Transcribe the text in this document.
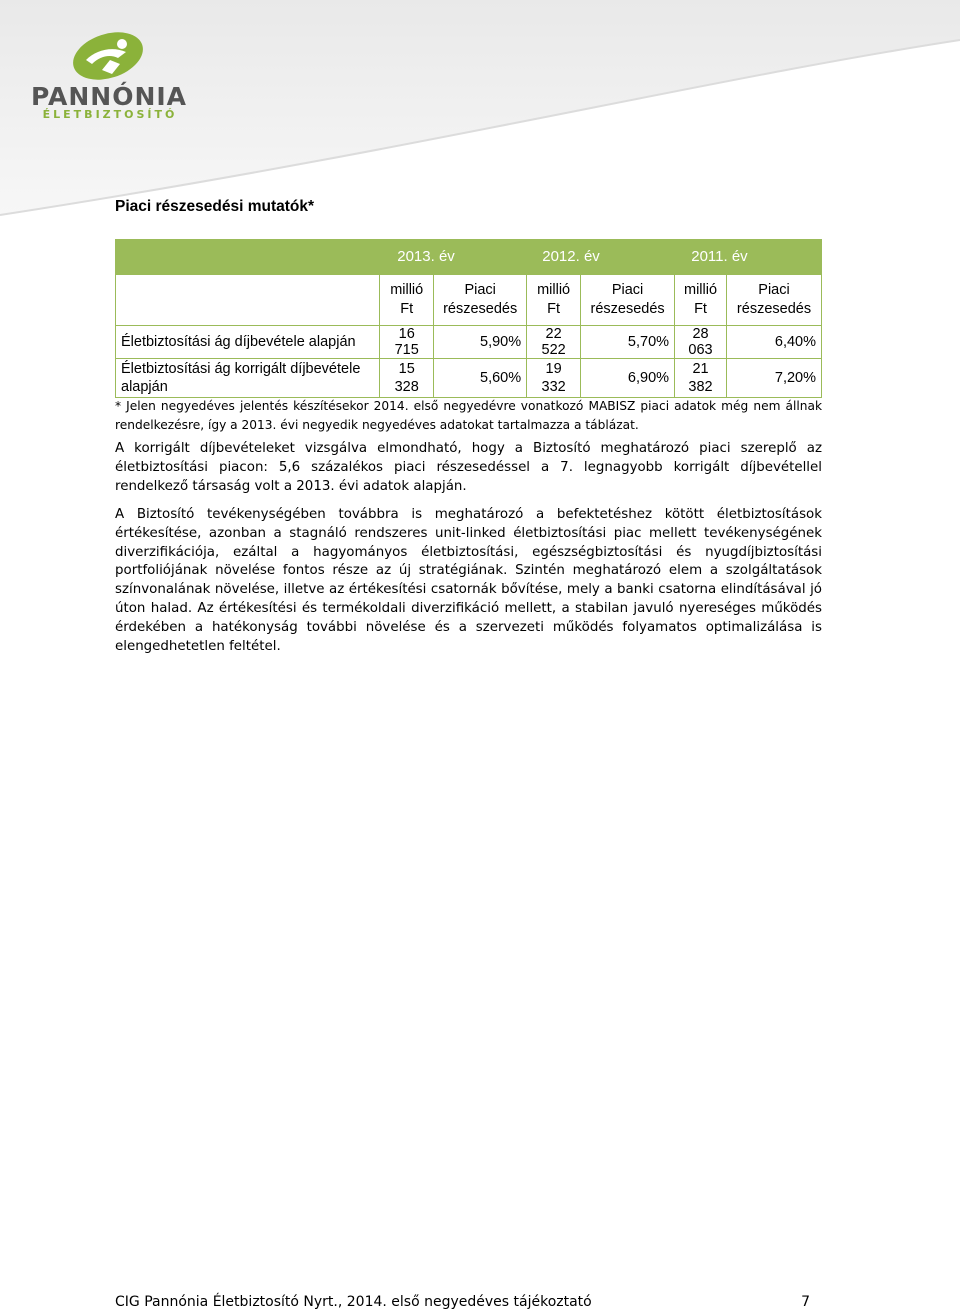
PANNÓNIA
ÉLETBIZTOSÍTÓ
Piaci részesedési mutatók*

	2013. év 2012. év 2011. év					

	millió Ft	Piaci részesedés	millió Ft	Piaci részesedés	millió Ft	Piaci részesedés
Életbiztosítási ág díjbevétele alapján	16 715	5,90%	22 522	5,70%	28 063	6,40%
Életbiztosítási ág korrigált díjbevétele alapján	15 328	5,60%	19 332	6,90%	21 382	7,20%

* Jelen negyedéves jelentés készítésekor 2014. első negyedévre vonatkozó MABISZ piaci adatok még nem állnak rendelkezésre, így a 2013. évi negyedik negyedéves adatokat tartalmazza a táblázat.

A korrigált díjbevételeket vizsgálva elmondható, hogy a Biztosító meghatározó piaci szereplő az életbiztosítási piacon: 5,6 százalékos piaci részesedéssel a 7. legnagyobb korrigált díjbevétellel rendelkező társaság volt a 2013. évi adatok alapján.

A Biztosító tevékenységében továbbra is meghatározó a befektetéshez kötött életbiztosítások értékesítése, azonban a stagnáló rendszeres unit-linked életbiztosítási piac mellett tevékenységének diverzifikációja, ezáltal a hagyományos életbiztosítási, egészségbiztosítási és nyugdíjbiztosítási portfoliójának növelése fontos része az új stratégiának. Szintén meghatározó elem a szolgáltatások színvonalának növelése, illetve az értékesítési csatornák bővítése, mely a banki csatorna elindításával jó úton halad. Az értékesítési és termékoldali diverzifikáció mellett, a stabilan javuló nyereséges működés érdekében a hatékonyság további növelése és a szervezeti működés folyamatos optimalizálása is elengedhetetlen feltétel.

CIG Pannónia Életbiztosító Nyrt., 2014. első negyedéves tájékoztató	7
